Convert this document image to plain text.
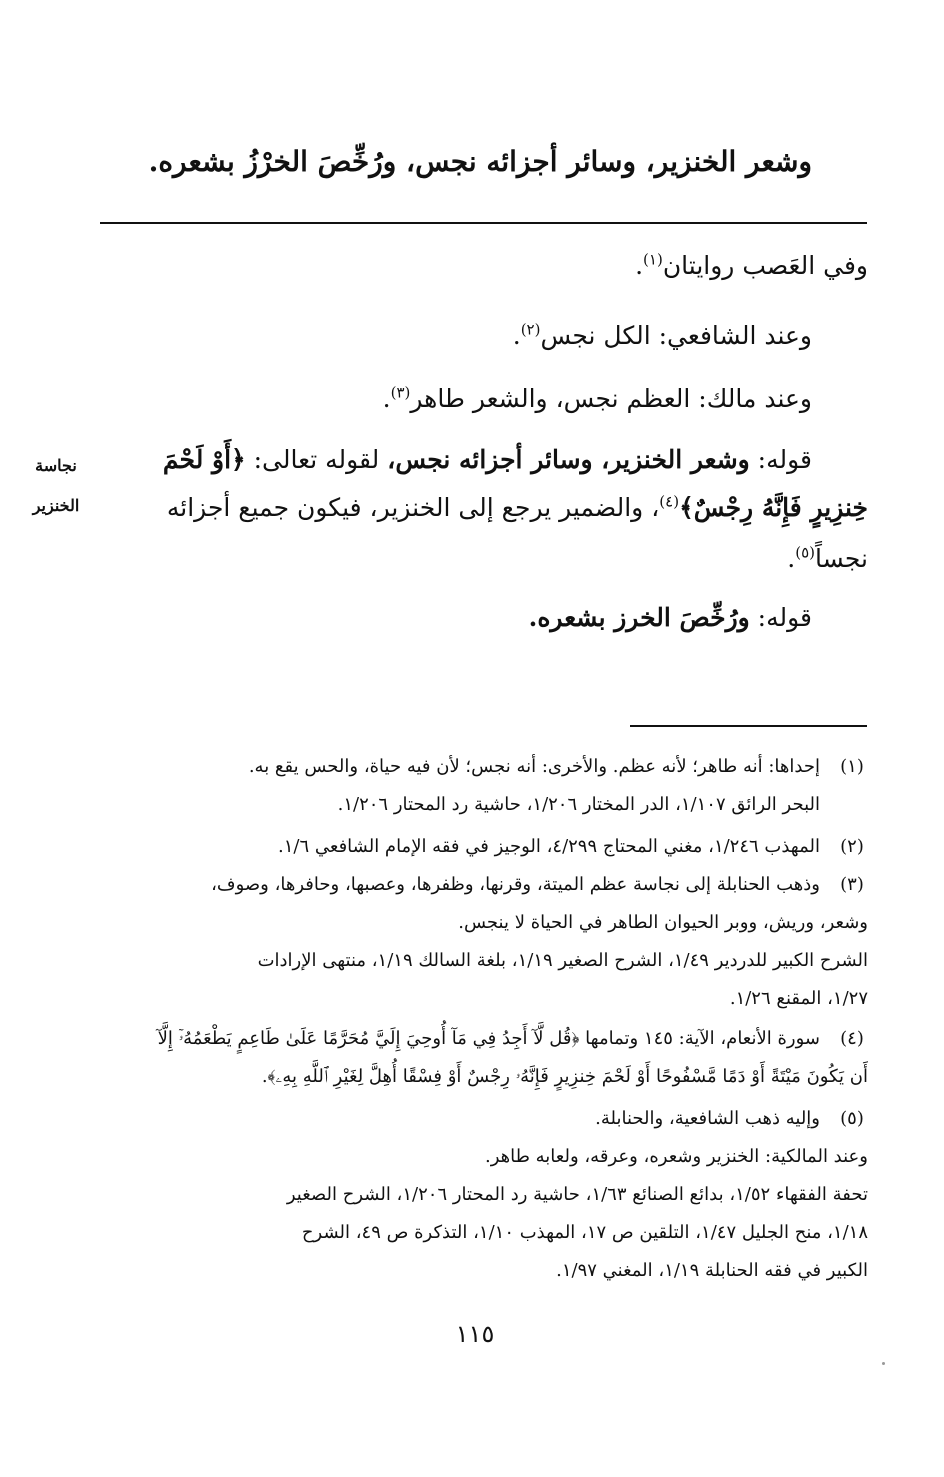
وشعر الخنزير، وسائر أجزائه نجس، ورُخِّصَ الخرْزُ بشعره.
وفي العَصب روايتان$^{(١)}$.
وعند الشافعي: الكل نجس$^{(٢)}$.
وعند مالك: العظم نجس، والشعر طاهر$^{(٣)}$.
قوله: وشعر الخنزير، وسائر أجزائه نجس، لقوله تعالى: ﴿أَوْ لَحْمَ
خِنزِيرٍ فَإِنَّهُ رِجْسٌ﴾$^{(٤)}$، والضمير يرجع إلى الخنزير، فيكون جميع أجزائه
نجساً$^{(٥)}$.
قوله: ورُخِّصَ الخرز بشعره.
نجاسة الخنزير
(١)
إحداها: أنه طاهر؛ لأنه عظم. والأخرى: أنه نجس؛ لأن فيه حياة، والحس يقع به.
البحر الرائق ١/١٠٧، الدر المختار ١/٢٠٦، حاشية رد المحتار ١/٢٠٦.
(٢)
المهذب ١/٢٤٦، مغني المحتاج ٤/٢٩٩، الوجيز في فقه الإمام الشافعي ١/٦.
(٣)
وذهب الحنابلة إلى نجاسة عظم الميتة، وقرنها، وظفرها، وعصبها، وحافرها، وصوف،
وشعر، وريش، ووبر الحيوان الطاهر في الحياة لا ينجس.
الشرح الكبير للدردير ١/٤٩، الشرح الصغير ١/١٩، بلغة السالك ١/١٩، منتهى الإرادات
١/٢٧، المقنع ١/٢٦.
(٤)
سورة الأنعام، الآية: ١٤٥ وتمامها ﴿قُل لَّآ أَجِدُ فِي مَآ أُوحِيَ إِلَيَّ مُحَرَّمًا عَلَىٰ طَاعِمٍ يَطْعَمُهُۥٓ إِلَّآ
أَن يَكُونَ مَيْتَةً أَوْ دَمًا مَّسْفُوحًا أَوْ لَحْمَ خِنزِيرٍ فَإِنَّهُۥ رِجْسٌ أَوْ فِسْقًا أُهِلَّ لِغَيْرِ ٱللَّهِ بِهِۦ﴾.
(٥)
وإليه ذهب الشافعية، والحنابلة.
وعند المالكية: الخنزير وشعره، وعرقه، ولعابه طاهر.
تحفة الفقهاء ١/٥٢، بدائع الصنائع ١/٦٣، حاشية رد المحتار ١/٢٠٦، الشرح الصغير
١/١٨، منح الجليل ١/٤٧، التلقين ص ١٧، المهذب ١/١٠، التذكرة ص ٤٩، الشرح
الكبير في فقه الحنابلة ١/١٩، المغني ١/٩٧.
١١٥
